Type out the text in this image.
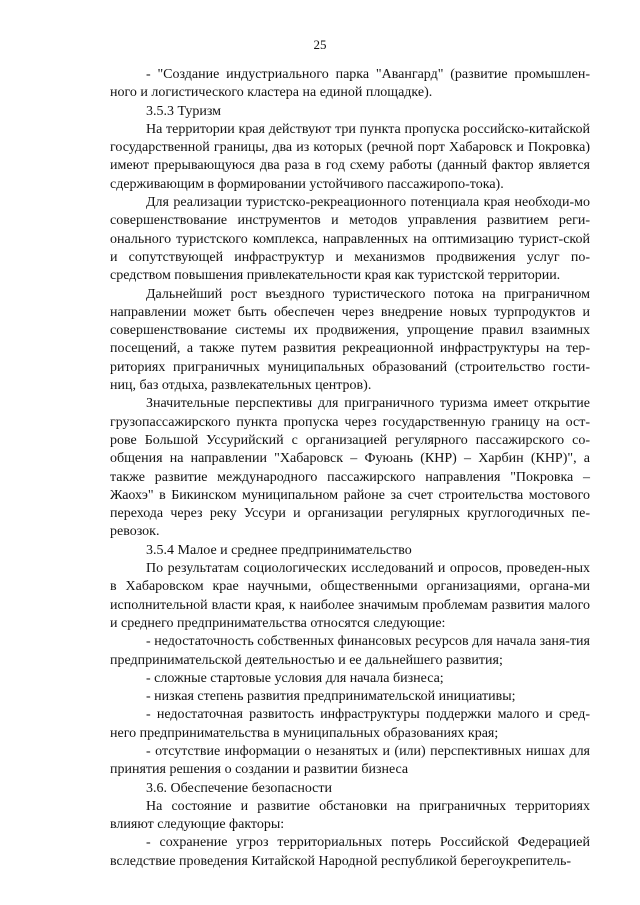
25

- "Создание индустриального парка "Авангард" (развитие промышлен-ного и логистического кластера на единой площадке).

3.5.3 Туризм

На территории края действуют три пункта пропуска российско-китайской государственной границы, два из которых (речной порт Хабаровск и Покровка) имеют прерывающуюся два раза в год схему работы (данный фактор является сдерживающим в формировании устойчивого пассажиропо-тока).

Для реализации туристско-рекреационного потенциала края необходи-мо совершенствование инструментов и методов управления развитием реги-онального туристского комплекса, направленных на оптимизацию турист-ской и сопутствующей инфраструктур и механизмов продвижения услуг по-средством повышения привлекательности края как туристской территории.

Дальнейший рост въездного туристического потока на приграничном направлении может быть обеспечен через внедрение новых турпродуктов и совершенствование системы их продвижения, упрощение правил взаимных посещений, а также путем развития рекреационной инфраструктуры на тер-риториях приграничных муниципальных образований (строительство гости-ниц, баз отдыха, развлекательных центров).

Значительные перспективы для приграничного туризма имеет открытие грузопассажирского пункта пропуска через государственную границу на ост-рове Большой Уссурийский с организацией регулярного пассажирского со-общения на направлении "Хабаровск – Фуюань (КНР) – Харбин (КНР)", а также развитие международного пассажирского направления "Покровка – Жаохэ" в Бикинском муниципальном районе за счет строительства мостового перехода через реку Уссури и организации регулярных круглогодичных пе-ревозок.

3.5.4 Малое и среднее предпринимательство

По результатам социологических исследований и опросов, проведен-ных в Хабаровском крае научными, общественными организациями, органа-ми исполнительной власти края, к наиболее значимым проблемам развития малого и среднего предпринимательства относятся следующие:

- недостаточность собственных финансовых ресурсов для начала заня-тия предпринимательской деятельностью и ее дальнейшего развития;

- сложные стартовые условия для начала бизнеса;

- низкая степень развития предпринимательской инициативы;

- недостаточная развитость инфраструктуры поддержки малого и сред-него предпринимательства в муниципальных образованиях края;

- отсутствие информации о незанятых и (или) перспективных нишах для принятия решения о создании и развитии бизнеса

3.6. Обеспечение безопасности

На состояние и развитие обстановки на приграничных территориях влияют следующие факторы:

- сохранение угроз территориальных потерь Российской Федерацией вследствие проведения Китайской Народной республикой берегоукрепитель-
